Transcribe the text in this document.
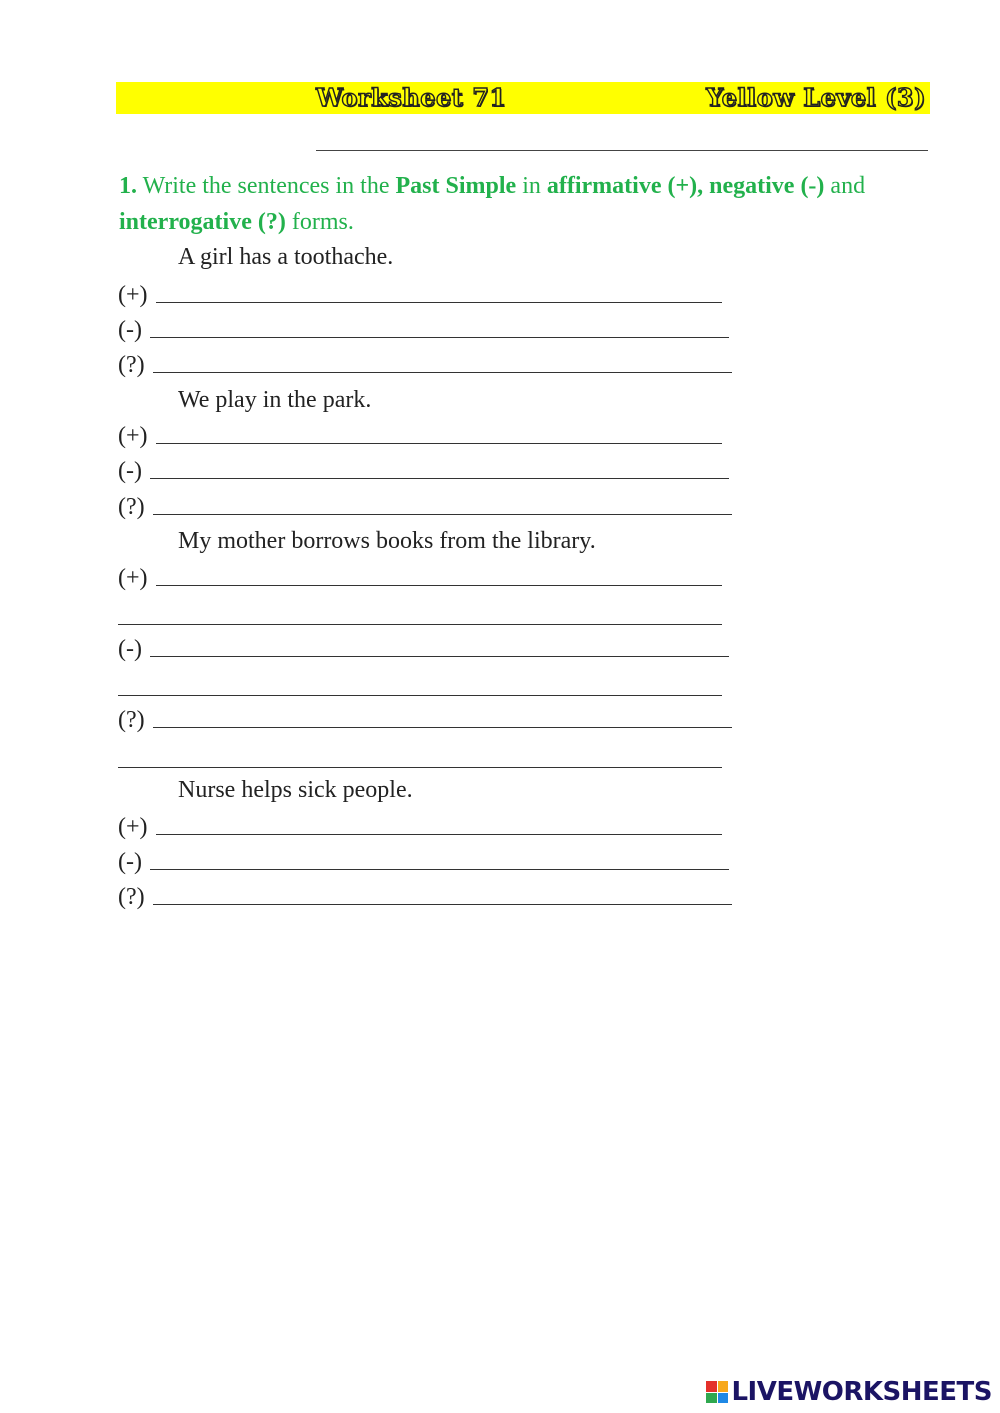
Worksheet 71	Yellow Level (3)
1. Write the sentences in the Past Simple in affirmative (+), negative (-) and interrogative (?) forms.
A girl has a toothache.
(+)
(-)
(?)
We play in the park.
(+)
(-)
(?)
My mother borrows books from the library.
(+)
(-)
(?)
Nurse helps sick people.
(+)
(-)
(?)
LIVEWORKSHEETS
